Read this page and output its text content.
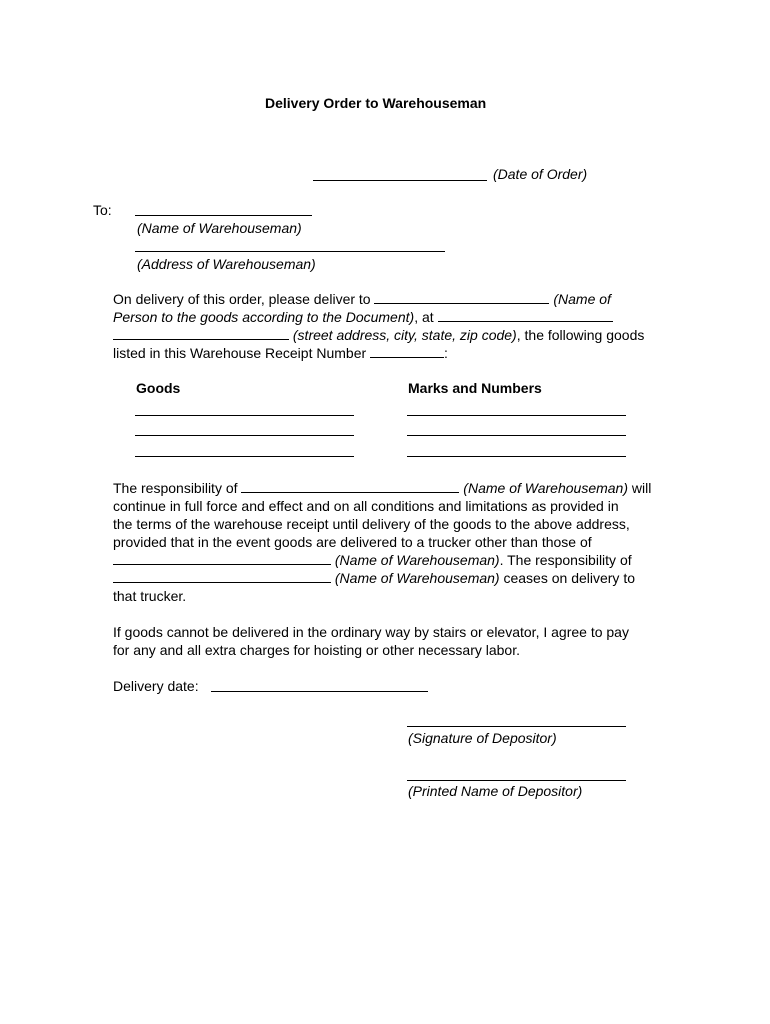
Delivery Order to Warehouseman
(Date of Order)
To:
(Name of Warehouseman)
(Address of Warehouseman)
On delivery of this order, please deliver to	(Name of
Person to the goods according to the Document), at
(street address, city, state, zip code), the following goods
listed in this Warehouse Receipt Number	:
Goods	Marks and Numbers
The responsibility of	(Name of Warehouseman) will
continue in full force and effect and on all conditions and limitations as provided in
the terms of the warehouse receipt until delivery of the goods to the above address,
provided that in the event goods are delivered to a trucker other than those of
(Name of Warehouseman). The responsibility of
(Name of Warehouseman) ceases on delivery to
that trucker.
If goods cannot be delivered in the ordinary way by stairs or elevator, I agree to pay
for any and all extra charges for hoisting or other necessary labor.
Delivery date:
(Signature of Depositor)
(Printed Name of Depositor)
